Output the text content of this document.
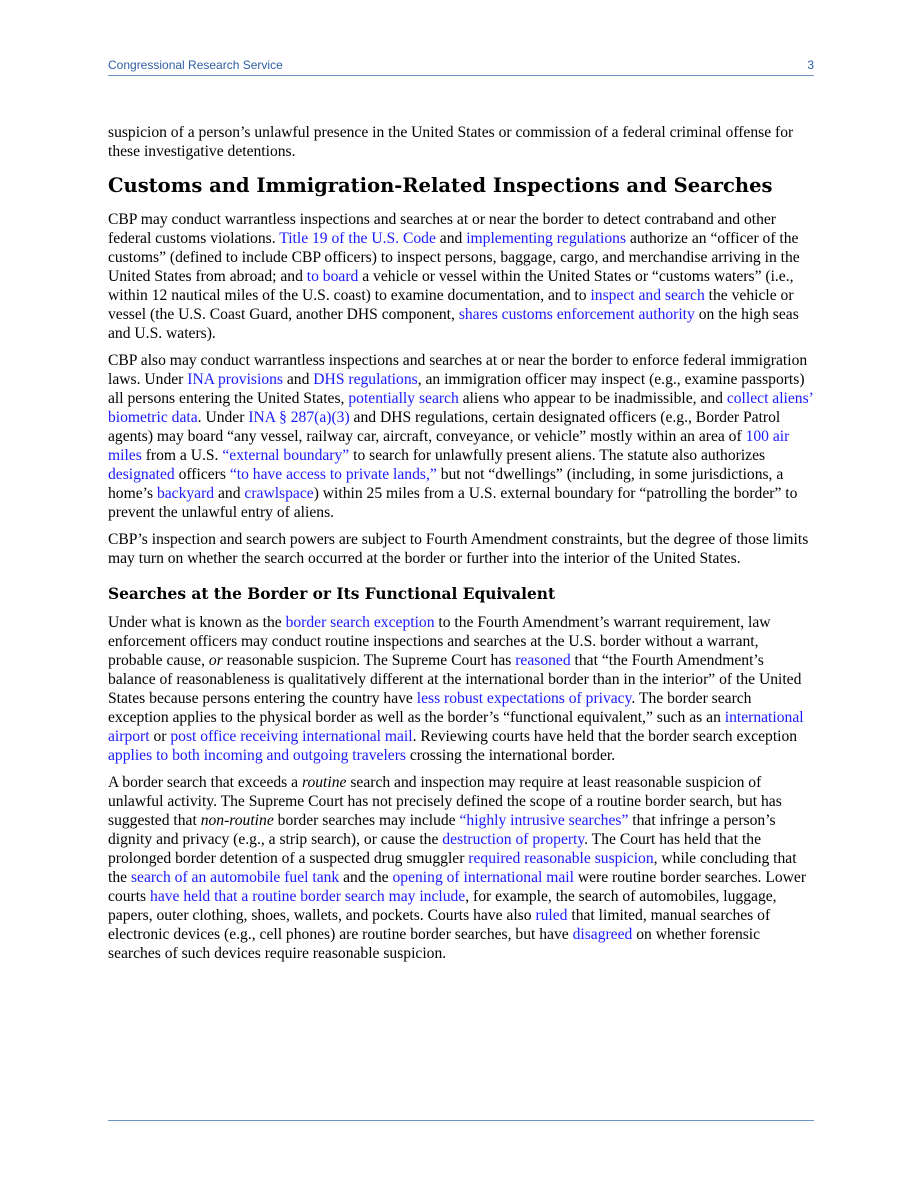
Congressional Research Service	3

suspicion of a person’s unlawful presence in the United States or commission of a federal criminal offense for these investigative detentions.

Customs and Immigration-Related Inspections and Searches

CBP may conduct warrantless inspections and searches at or near the border to detect contraband and other federal customs violations. Title 19 of the U.S. Code and implementing regulations authorize an “officer of the customs” (defined to include CBP officers) to inspect persons, baggage, cargo, and merchandise arriving in the United States from abroad; and to board a vehicle or vessel within the United States or “customs waters” (i.e., within 12 nautical miles of the U.S. coast) to examine documentation, and to inspect and search the vehicle or vessel (the U.S. Coast Guard, another DHS component, shares customs enforcement authority on the high seas and U.S. waters).

CBP also may conduct warrantless inspections and searches at or near the border to enforce federal immigration laws. Under INA provisions and DHS regulations, an immigration officer may inspect (e.g., examine passports) all persons entering the United States, potentially search aliens who appear to be inadmissible, and collect aliens’ biometric data. Under INA § 287(a)(3) and DHS regulations, certain designated officers (e.g., Border Patrol agents) may board “any vessel, railway car, aircraft, conveyance, or vehicle” mostly within an area of 100 air miles from a U.S. “external boundary” to search for unlawfully present aliens. The statute also authorizes designated officers “to have access to private lands,” but not “dwellings” (including, in some jurisdictions, a home’s backyard and crawlspace) within 25 miles from a U.S. external boundary for “patrolling the border” to prevent the unlawful entry of aliens.

CBP’s inspection and search powers are subject to Fourth Amendment constraints, but the degree of those limits may turn on whether the search occurred at the border or further into the interior of the United States.

Searches at the Border or Its Functional Equivalent

Under what is known as the border search exception to the Fourth Amendment’s warrant requirement, law enforcement officers may conduct routine inspections and searches at the U.S. border without a warrant, probable cause, or reasonable suspicion. The Supreme Court has reasoned that “the Fourth Amendment’s balance of reasonableness is qualitatively different at the international border than in the interior” of the United States because persons entering the country have less robust expectations of privacy. The border search exception applies to the physical border as well as the border’s “functional equivalent,” such as an international airport or post office receiving international mail. Reviewing courts have held that the border search exception applies to both incoming and outgoing travelers crossing the international border.

A border search that exceeds a routine search and inspection may require at least reasonable suspicion of unlawful activity. The Supreme Court has not precisely defined the scope of a routine border search, but has suggested that non-routine border searches may include “highly intrusive searches” that infringe a person’s dignity and privacy (e.g., a strip search), or cause the destruction of property. The Court has held that the prolonged border detention of a suspected drug smuggler required reasonable suspicion, while concluding that the search of an automobile fuel tank and the opening of international mail were routine border searches. Lower courts have held that a routine border search may include, for example, the search of automobiles, luggage, papers, outer clothing, shoes, wallets, and pockets. Courts have also ruled that limited, manual searches of electronic devices (e.g., cell phones) are routine border searches, but have disagreed on whether forensic searches of such devices require reasonable suspicion.
